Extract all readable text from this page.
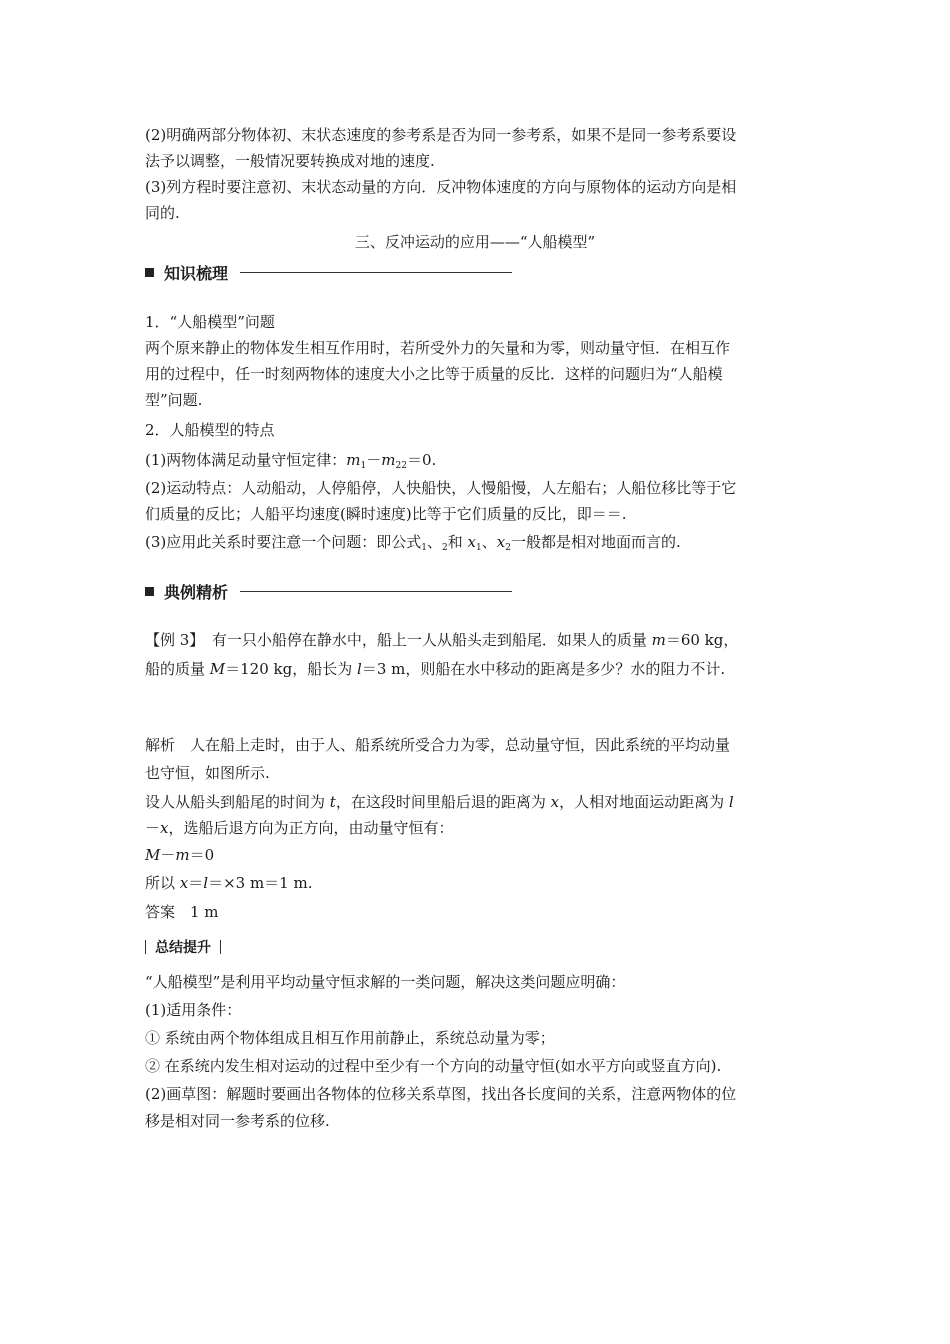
(2)明确两部分物体初、末状态速度的参考系是否为同一参考系，如果不是同一参考系要设
法予以调整，一般情况要转换成对地的速度.
(3)列方程时要注意初、末状态动量的方向．反冲物体速度的方向与原物体的运动方向是相
同的.
三、反冲运动的应用——“人船模型”
知识梳理
1．“人船模型”问题
两个原来静止的物体发生相互作用时，若所受外力的矢量和为零，则动量守恒．在相互作
用的过程中，任一时刻两物体的速度大小之比等于质量的反比．这样的问题归为“人船模
型”问题.
2．人船模型的特点
(1)两物体满足动量守恒定律：$m_1-m_{22}=0$.
(2)运动特点：人动船动，人停船停，人快船快，人慢船慢，人左船右；人船位移比等于它
们质量的反比；人船平均速度(瞬时速度)比等于它们质量的反比，即＝＝.
(3)应用此关系时要注意一个问题：即公式$_1$、$_2$和 $x_1$、$x_2$一般都是相对地面而言的.
典例精析
【例 3】　有一只小船停在静水中，船上一人从船头走到船尾．如果人的质量 m＝60 kg，
船的质量 M＝120 kg，船长为 l＝3 m，则船在水中移动的距离是多少？水的阻力不计.
解析　人在船上走时，由于人、船系统所受合力为零，总动量守恒，因此系统的平均动量
也守恒，如图所示.
设人从船头到船尾的时间为 t，在这段时间里船后退的距离为 x，人相对地面运动距离为 l
－x，选船后退方向为正方向，由动量守恒有：
M－m＝0
所以 x＝l＝×3 m＝1 m.
答案　1 m
总结提升
“人船模型”是利用平均动量守恒求解的一类问题，解决这类问题应明确：
(1)适用条件：
① 系统由两个物体组成且相互作用前静止，系统总动量为零；
② 在系统内发生相对运动的过程中至少有一个方向的动量守恒(如水平方向或竖直方向).
(2)画草图：解题时要画出各物体的位移关系草图，找出各长度间的关系，注意两物体的位
移是相对同一参考系的位移.
